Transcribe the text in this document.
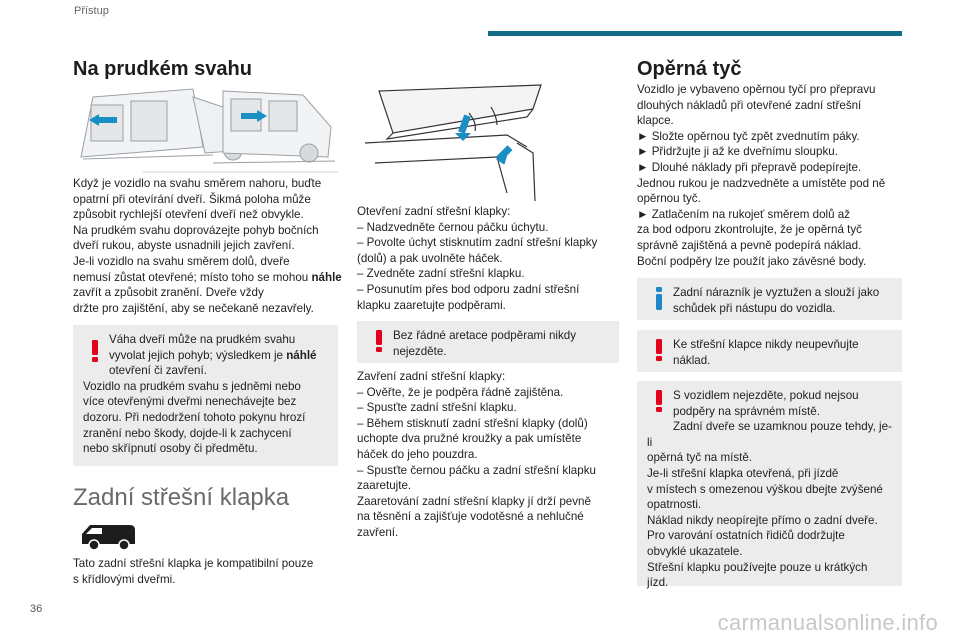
Přístup
Na prudkém svahu

Když je vozidlo na svahu směrem nahoru, buďte
opatrní při otevírání dveří. Šikmá poloha může
způsobit rychlejší otevření dveří než obvykle.
Na prudkém svahu doprovázejte pohyb bočních
dveří rukou, abyste usnadnili jejich zavření.
Je-li vozidlo na svahu směrem dolů, dveře
nemusí zůstat otevřené; místo toho se mohou náhle zavřít a způsobit zranění. Dveře vždy
držte pro zajištění, aby se nečekaně nezavřely.

Váha dveří může na prudkém svahu
vyvolat jejich pohyb; výsledkem je náhlé
otevření či zavření.
Vozidlo na prudkém svahu s jedněmi nebo
více otevřenými dveřmi nenechávejte bez
dozoru. Při nedodržení tohoto pokynu hrozí
zranění nebo škody, dojde-li k zachycení
nebo skřípnutí osoby či předmětu.
Zadní střešní klapka

Tato zadní střešní klapka je kompatibilní pouze
s křídlovými dveřmi.

Otevření zadní střešní klapky:
– Nadzvedněte černou páčku úchytu.
– Povolte úchyt stisknutím zadní střešní klapky
(dolů) a pak uvolněte háček.
– Zvedněte zadní střešní klapku.
– Posunutím přes bod odporu zadní střešní
klapku zaaretujte podpěrami.

Bez řádné aretace podpěrami nikdy
nejezděte.

Zavření zadní střešní klapky:
– Ověřte, že je podpěra řádně zajištěna.
– Spusťte zadní střešní klapku.
– Během stisknutí zadní střešní klapky (dolů)
uchopte dva pružné kroužky a pak umístěte
háček do jeho pouzdra.
– Spusťte černou páčku a zadní střešní klapku
zaaretujte.
Zaaretování zadní střešní klapky jí drží pevně
na těsnění a zajišťuje vodotěsné a nehlučné
zavření.

Opěrná tyč

Vozidlo je vybaveno opěrnou tyčí pro přepravu
dlouhých nákladů při otevřené zadní střešní
klapce.
► Složte opěrnou tyč zpět zvednutím páky.
► Přidržujte ji až ke dveřnímu sloupku.
► Dlouhé náklady při přepravě podepírejte.
Jednou rukou je nadzvedněte a umístěte pod ně
opěrnou tyč.
► Zatlačením na rukojeť směrem dolů až
za bod odporu zkontrolujte, že je opěrná tyč
správně zajištěná a pevně podepírá náklad.
Boční podpěry lze použít jako závěsné body.

Zadní nárazník je vyztužen a slouží jako
schůdek při nástupu do vozidla.
Ke střešní klapce nikdy neupevňujte
náklad.
S vozidlem nejezděte, pokud nejsou
podpěry na správném místě.
Zadní dveře se uzamknou pouze tehdy, je-li
opěrná tyč na místě.
Je-li střešní klapka otevřená, při jízdě
v místech s omezenou výškou dbejte zvýšené
opatrnosti.
Náklad nikdy neopírejte přímo o zadní dveře.
Pro varování ostatních řidičů dodržujte
obvyklé ukazatele.
Střešní klapku používejte pouze u krátkých
jízd.
36
carmanualsonline.info
